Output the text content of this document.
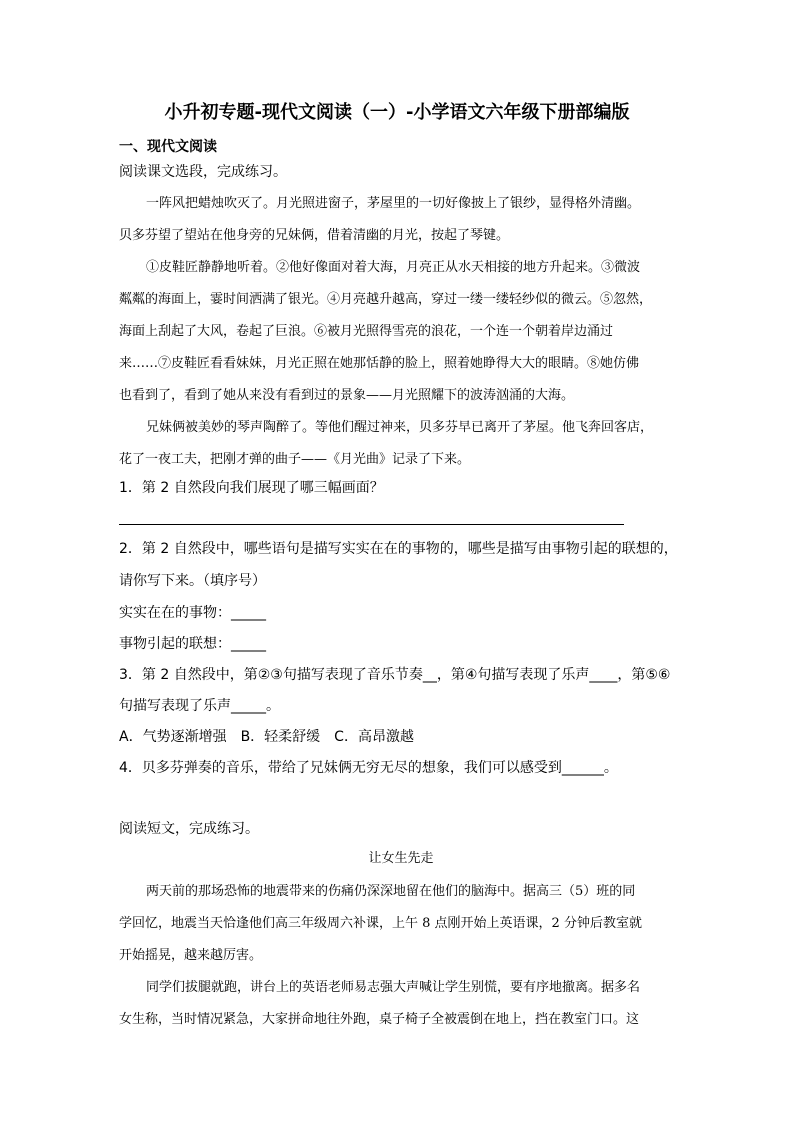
小升初专题-现代文阅读（一）-小学语文六年级下册部编版
一、现代文阅读
阅读课文选段，完成练习。
一阵风把蜡烛吹灭了。月光照进窗子，茅屋里的一切好像披上了银纱，显得格外清幽。
贝多芬望了望站在他身旁的兄妹俩，借着清幽的月光，按起了琴键。
①皮鞋匠静静地听着。②他好像面对着大海，月亮正从水天相接的地方升起来。③微波
粼粼的海面上，霎时间洒满了银光。④月亮越升越高，穿过一缕一缕轻纱似的微云。⑤忽然，
海面上刮起了大风，卷起了巨浪。⑥被月光照得雪亮的浪花，一个连一个朝着岸边涌过
来……⑦皮鞋匠看看妹妹，月光正照在她那恬静的脸上，照着她睁得大大的眼睛。⑧她仿佛
也看到了，看到了她从来没有看到过的景象——月光照耀下的波涛汹涌的大海。
兄妹俩被美妙的琴声陶醉了。等他们醒过神来，贝多芬早已离开了茅屋。他飞奔回客店，
花了一夜工夫，把刚才弹的曲子——《月光曲》记录了下来。
1．第 2 自然段向我们展现了哪三幅画面？
2．第 2 自然段中，哪些语句是描写实实在在的事物的，哪些是描写由事物引起的联想的，
请你写下来。（填序号）
实实在在的事物：_____
事物引起的联想：_____
3．第 2 自然段中，第②③句描写表现了音乐节奏__，第④句描写表现了乐声____，第⑤⑥
句描写表现了乐声_____。
A．气势逐渐增强　B．轻柔舒缓　C．高昂激越
4．贝多芬弹奏的音乐，带给了兄妹俩无穷无尽的想象，我们可以感受到______。
阅读短文，完成练习。
让女生先走
两天前的那场恐怖的地震带来的伤痛仍深深地留在他们的脑海中。据高三（5）班的同
学回忆，地震当天恰逢他们高三年级周六补课，上午 8 点刚开始上英语课，2 分钟后教室就
开始摇晃，越来越厉害。
同学们拔腿就跑，讲台上的英语老师易志强大声喊让学生别慌，要有序地撤离。据多名
女生称，当时情况紧急，大家拼命地往外跑，桌子椅子全被震倒在地上，挡在教室门口。这
